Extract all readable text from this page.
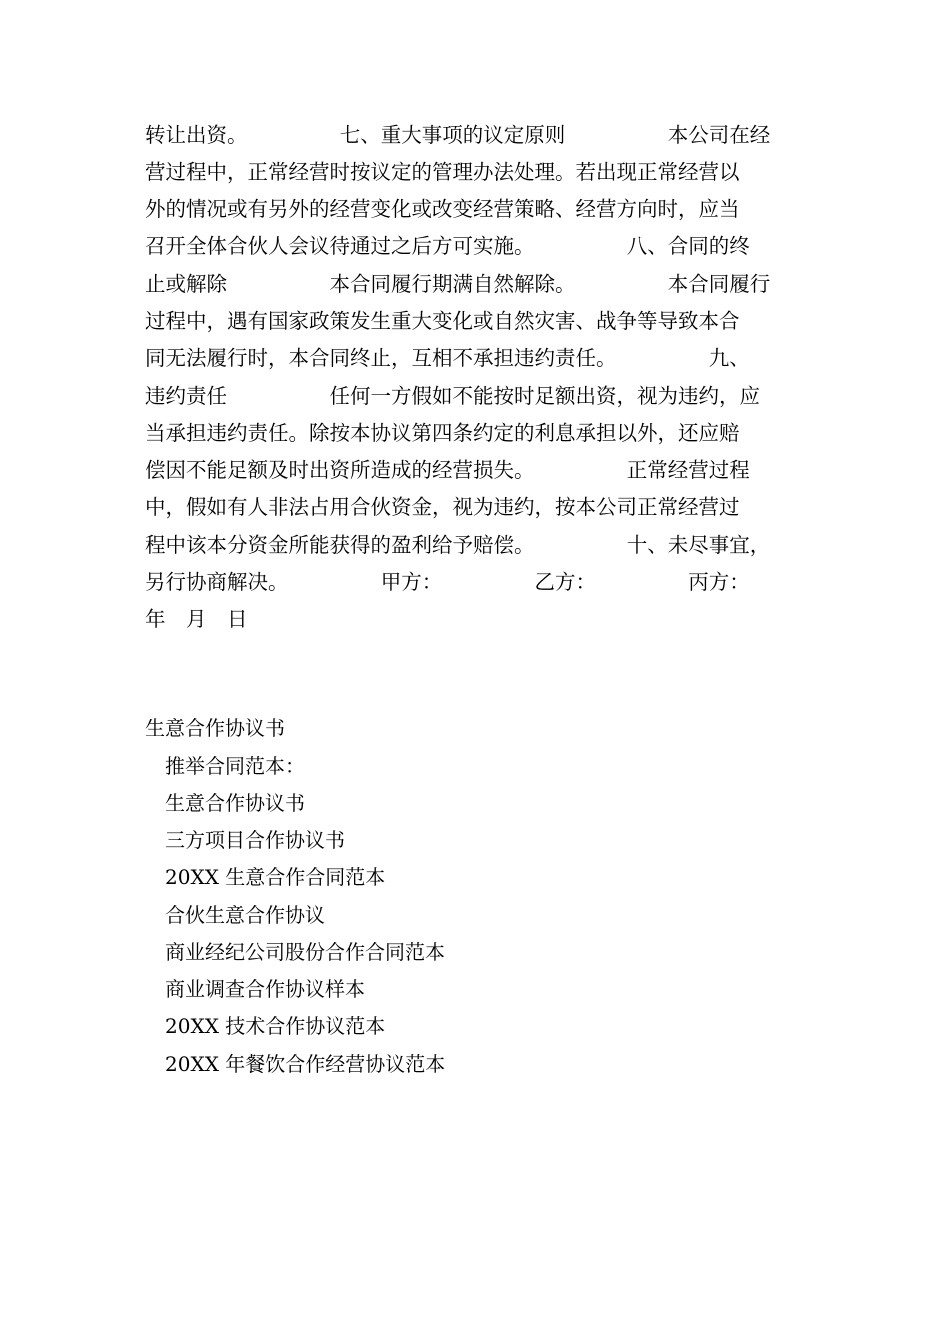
转让出资。　　　　　七、重大事项的议定原则　　　　　本公司在经
营过程中，正常经营时按议定的管理办法处理。若出现正常经营以
外的情况或有另外的经营变化或改变经营策略、经营方向时，应当
召开全体合伙人会议待通过之后方可实施。　　　　　八、合同的终
止或解除　　　　　本合同履行期满自然解除。　　　　　本合同履行
过程中，遇有国家政策发生重大变化或自然灾害、战争等导致本合
同无法履行时，本合同终止，互相不承担违约责任。　　　　　九、
违约责任　　　　　任何一方假如不能按时足额出资，视为违约，应
当承担违约责任。除按本协议第四条约定的利息承担以外，还应赔
偿因不能足额及时出资所造成的经营损失。　　　　　正常经营过程
中，假如有人非法占用合伙资金，视为违约，按本公司正常经营过
程中该本分资金所能获得的盈利给予赔偿。　　　　　十、未尽事宜，
另行协商解决。　　　　　甲方：　　　　　乙方：　　　　　丙方：
年　月　日
生意合作协议书
推举合同范本：
生意合作协议书
三方项目合作协议书
20XX 生意合作合同范本
合伙生意合作协议
商业经纪公司股份合作合同范本
商业调查合作协议样本
20XX 技术合作协议范本
20XX 年餐饮合作经营协议范本
